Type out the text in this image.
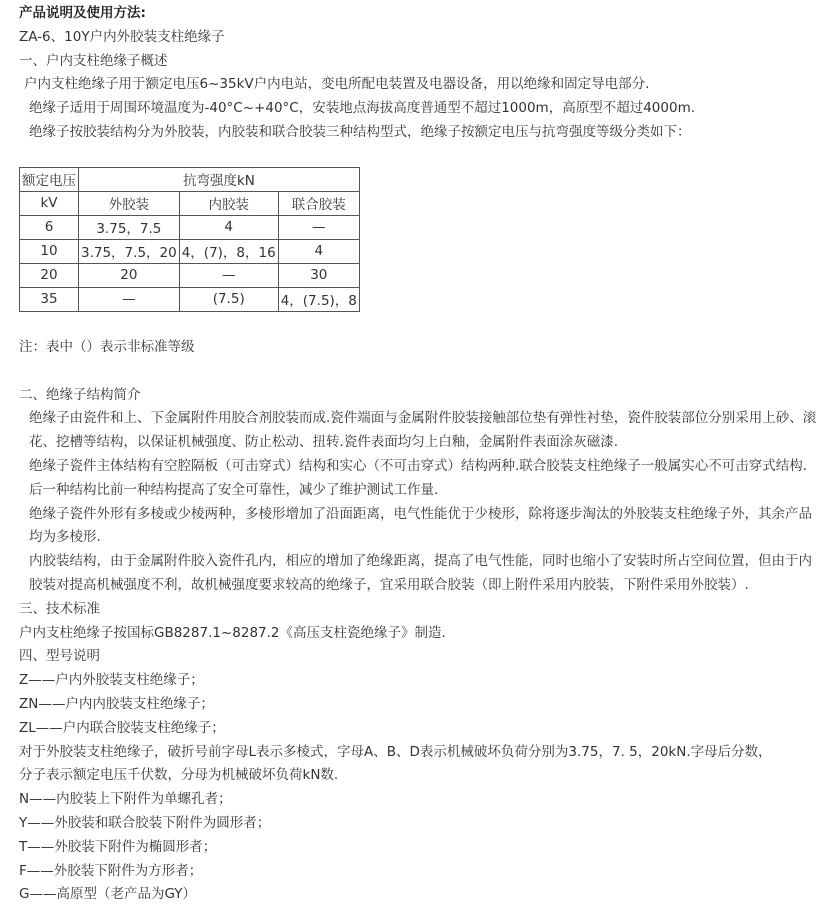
产品说明及使用方法:
ZA-6、10Y户内外胶装支柱绝缘子
一、户内支柱绝缘子概述
户内支柱绝缘子用于额定电压6~35kV户内电站，变电所配电装置及电器设备，用以绝缘和固定导电部分.
绝缘子适用于周围环境温度为-40°C~+40°C，安装地点海拔高度普通型不超过1000m，高原型不超过4000m.
绝缘子按胶装结构分为外胶装，内胶装和联合胶装三种结构型式，绝缘子按额定电压与抗弯强度等级分类如下：
额定电压	抗弯强度kN		
kV	外胶装	内胶装	联合胶装
6	3.75，7.5	4	—
10	3.75，7.5，20	4，(7)，8，16	4
20	20	—	30
35	—	(7.5)	4，(7.5)，8
注：表中（）表示非标准等级
二、绝缘子结构简介
绝缘子由瓷件和上、下金属附件用胶合剂胶装而成.瓷件端面与金属附件胶装接触部位垫有弹性衬垫，瓷件胶装部位分别采用上砂、滚花、挖槽等结构，以保证机械强度、防止松动、扭转.瓷件表面均匀上白釉，金属附件表面涂灰磁漆.
绝缘子瓷件主体结构有空腔隔板（可击穿式）结构和实心（不可击穿式）结构两种.联合胶装支柱绝缘子一般属实心不可击穿式结构.后一种结构比前一种结构提高了安全可靠性，减少了维护测试工作量.
绝缘子瓷件外形有多棱或少棱两种，多棱形增加了沿面距离，电气性能优于少棱形，除将逐步淘汰的外胶装支柱绝缘子外，其余产品均为多棱形.
内胶装结构，由于金属附件胶入瓷件孔内，相应的增加了绝缘距离，提高了电气性能，同时也缩小了安装时所占空间位置，但由于内胶装对提高机械强度不利，故机械强度要求较高的绝缘子，宜采用联合胶装（即上附件采用内胶装，下附件采用外胶装）.
三、技术标准
户内支柱绝缘子按国标GB8287.1~8287.2《高压支柱瓷绝缘子》制造.
四、型号说明
Z——户内外胶装支柱绝缘子；
ZN——户内内胶装支柱绝缘子；
ZL——户内联合胶装支柱绝缘子；
对于外胶装支柱绝缘子，破折号前字母L表示多棱式，字母A、B、D表示机械破坏负荷分别为3.75，7. 5，20kN.字母后分数，
分子表示额定电压千伏数，分母为机械破坏负荷kN数.
N——内胶装上下附件为单螺孔者；
Y——外胶装和联合胶装下附件为圆形者；
T——外胶装下附件为椭圆形者；
F——外胶装下附件为方形者；
G——高原型（老产品为GY）
